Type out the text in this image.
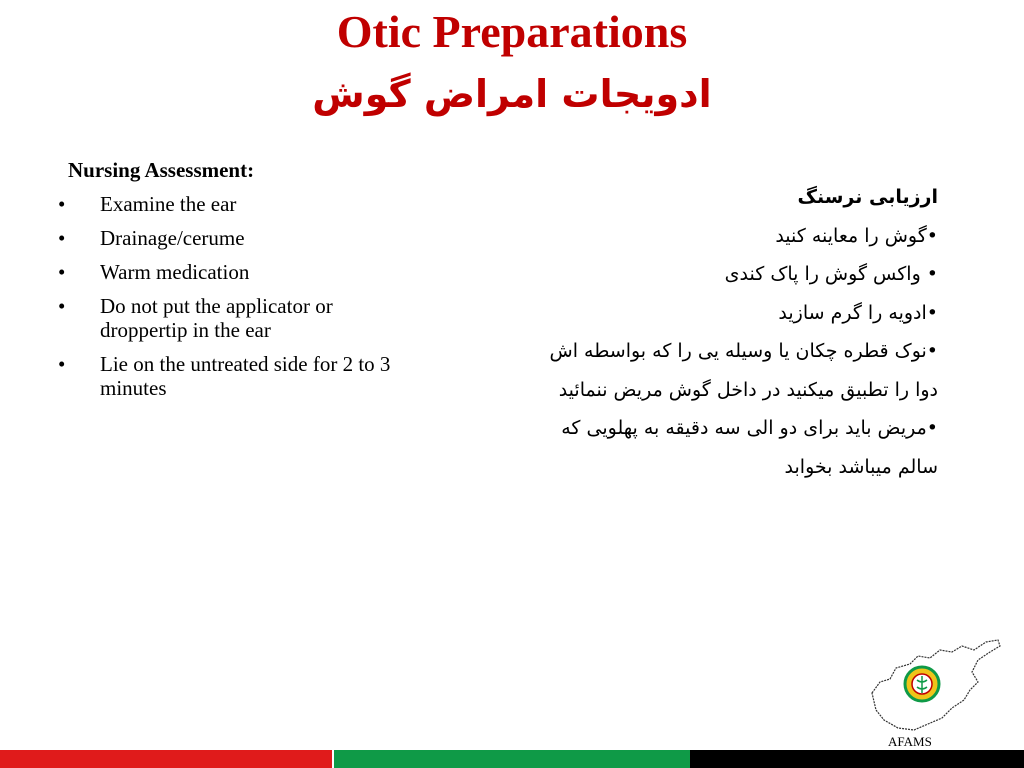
Otic Preparations
ادویجات امراض گوش
Nursing Assessment:
• Examine the ear
• Drainage/cerume
• Warm medication
• Do not put the applicator or droppertip in the ear
• Lie on the untreated side for 2 to 3 minutes
ارزیابی نرسنگ
•گوش را معاینه کنید
• واکس گوش را پاک کندی
•ادویه را گرم سازید
•نوک قطره چکان یا وسیله یی را که بواسطه اش دوا را تطبیق میکنید در داخل گوش مریض ننمائید
•مریض باید برای دو الی سه دقیقه به پهلویی که سالم میباشد بخوابد
AFAMS
